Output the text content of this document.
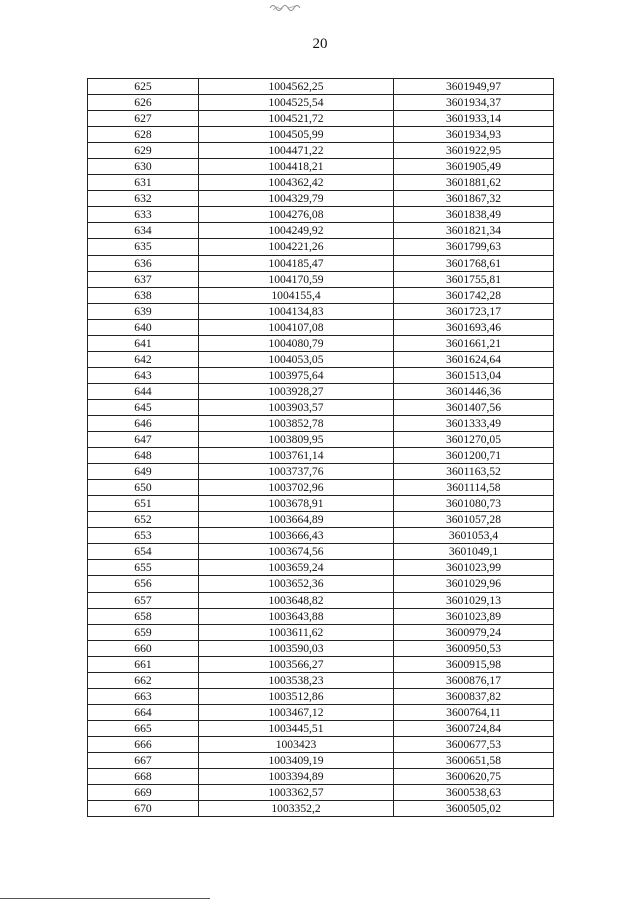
20
625	1004562,25	3601949,97
626	1004525,54	3601934,37
627	1004521,72	3601933,14
628	1004505,99	3601934,93
629	1004471,22	3601922,95
630	1004418,21	3601905,49
631	1004362,42	3601881,62
632	1004329,79	3601867,32
633	1004276,08	3601838,49
634	1004249,92	3601821,34
635	1004221,26	3601799,63
636	1004185,47	3601768,61
637	1004170,59	3601755,81
638	1004155,4	3601742,28
639	1004134,83	3601723,17
640	1004107,08	3601693,46
641	1004080,79	3601661,21
642	1004053,05	3601624,64
643	1003975,64	3601513,04
644	1003928,27	3601446,36
645	1003903,57	3601407,56
646	1003852,78	3601333,49
647	1003809,95	3601270,05
648	1003761,14	3601200,71
649	1003737,76	3601163,52
650	1003702,96	3601114,58
651	1003678,91	3601080,73
652	1003664,89	3601057,28
653	1003666,43	3601053,4
654	1003674,56	3601049,1
655	1003659,24	3601023,99
656	1003652,36	3601029,96
657	1003648,82	3601029,13
658	1003643,88	3601023,89
659	1003611,62	3600979,24
660	1003590,03	3600950,53
661	1003566,27	3600915,98
662	1003538,23	3600876,17
663	1003512,86	3600837,82
664	1003467,12	3600764,11
665	1003445,51	3600724,84
666	1003423	3600677,53
667	1003409,19	3600651,58
668	1003394,89	3600620,75
669	1003362,57	3600538,63
670	1003352,2	3600505,02
